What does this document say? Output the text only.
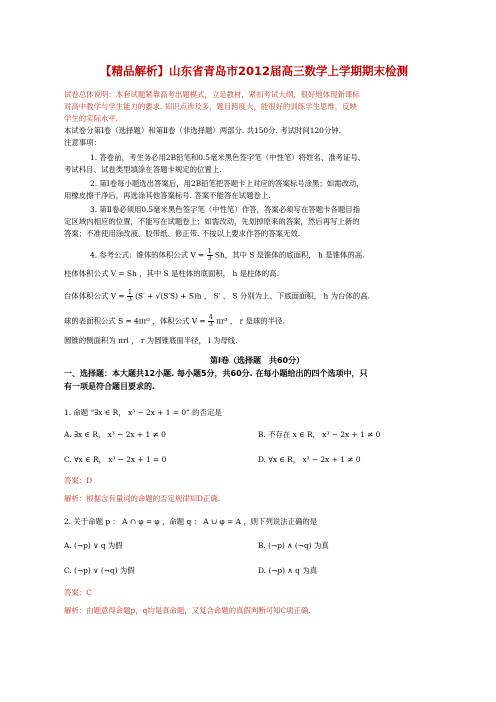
【精品解析】山东省青岛市2012届高三数学上学期期末检测
试卷总体说明：本套试题紧靠高考出题模式，立足教材，紧扣考试大纲，很好地体现新课标
对高中教学与学生能力的要求. 知识点涉及多，题目跨度大，能很好的训练学生思维，反映
学生的实际水平.
本试卷分第Ⅰ卷（选择题）和第Ⅱ卷（非选择题）两部分. 共150分. 考试时间120分钟.
注意事项：
1. 答卷前，考生务必用2B铅笔和0.5毫米黑色签字笔（中性笔）将姓名、准考证号、
考试科目、试卷类型填涂在答题卡规定的位置上.
2. 第Ⅰ卷每小题选出答案后，用2B铅笔把答题卡上对应的答案标号涂黑；如需改动，
用橡皮擦干净后，再选涂其他答案标号. 答案不能答在试题卷上.
3. 第Ⅱ卷必须用0.5毫米黑色签字笔（中性笔）作答，答案必须写在答题卡各题目指
定区域内相应的位置，不能写在试题卷上；如需改动，先划掉原来的答案，然后再写上新的
答案；不准使用涂改液、胶带纸、修正带. 不按以上要求作答的答案无效.
4. 参考公式：锥体的体积公式 $V = \frac{1}{3}$ Sh，其中 S 是锥体的底面积， h 是锥体的高.
柱体体积公式 V = Sh ，其中 S 是柱体的底面积， h 是柱体的高.
台体体积公式 $V = \frac{1}{3} (S' + √(S'S) + S)h$ ， S′ 、 S 分别为上、下底面面积， h 为台体的高.
球的表面积公式 S = 4πr² ，体积公式 $V = \frac{4}{3} \pi r^3$ ， r 是球的半径.
圆锥的侧面积为 πrl ， r 为圆锥底面半径， l 为母线.
第Ⅰ卷（选择题　共60分）
一、选择题：本大题共12小题. 每小题5分，共60分. 在每小题给出的四个选项中，只
有一项是符合题目要求的.
1. 命题 “∃x ∈ R， x³ − 2x + 1 = 0” 的否定是
A. ∃x ∈ R， x³ − 2x + 1 ≠ 0	B. 不存在 x ∈ R， x³ − 2x + 1 ≠ 0
C. ∀x ∈ R， x³ − 2x + 1 = 0	D. ∀x ∈ R， x³ − 2x + 1 ≠ 0
答案：D
解析：根据含有量词的命题的否定规律知D正确.
2. 关于命题 p ： A ∩ φ = φ ，命题 q ： A ∪ φ = A ，则下列说法正确的是
A. (¬p) ∨ q 为假	B. (¬p) ∧ (¬q) 为真
C. (¬p) ∨ (¬q) 为假	D. (¬p) ∧ q 为真
答案：C
解析：由题意得命题p，q均是真命题，又复合命题的真假判断可知C项正确.
